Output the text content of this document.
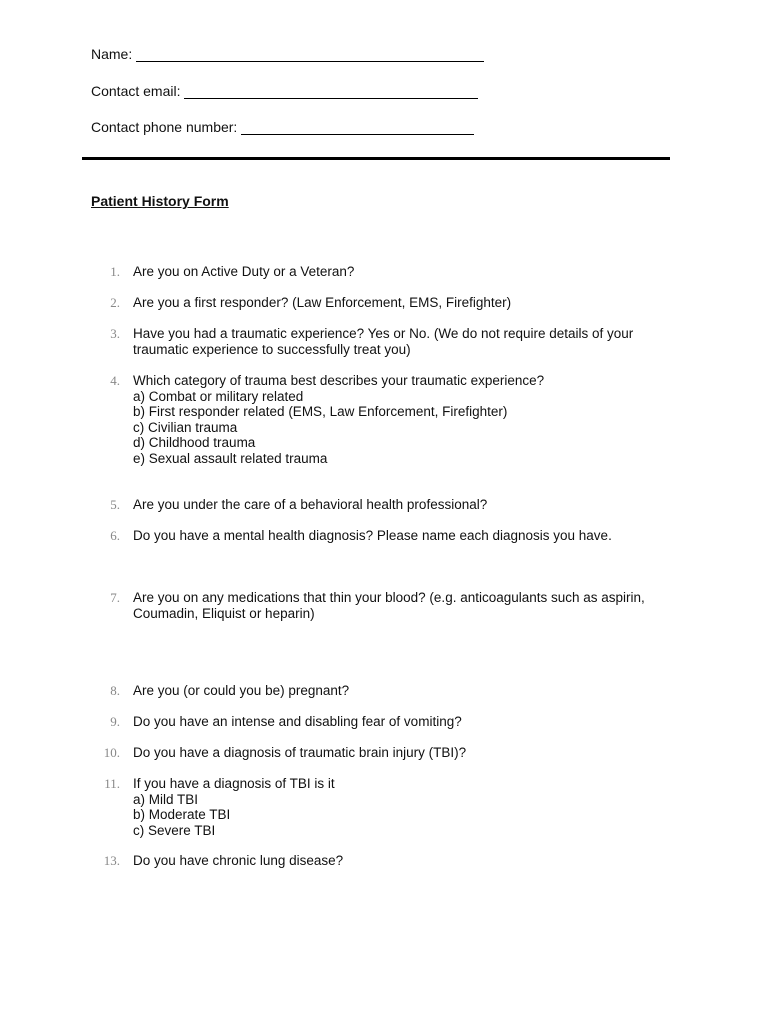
Name:
Contact email:
Contact phone number:
Patient History Form
1. Are you on Active Duty or a Veteran?
2. Are you a first responder? (Law Enforcement, EMS, Firefighter)
3. Have you had a traumatic experience? Yes or No. (We do not require details of your
traumatic experience to successfully treat you)
4. Which category of trauma best describes your traumatic experience?
a) Combat or military related
b) First responder related (EMS, Law Enforcement, Firefighter)
c) Civilian trauma
d) Childhood trauma
e) Sexual assault related trauma
5. Are you under the care of a behavioral health professional?
6. Do you have a mental health diagnosis? Please name each diagnosis you have.
7. Are you on any medications that thin your blood? (e.g. anticoagulants such as aspirin,
Coumadin, Eliquist or heparin)
8. Are you (or could you be) pregnant?
9. Do you have an intense and disabling fear of vomiting?
10. Do you have a diagnosis of traumatic brain injury (TBI)?
11. If you have a diagnosis of TBI is it
a) Mild TBI
b) Moderate TBI
c) Severe TBI
13. Do you have chronic lung disease?
